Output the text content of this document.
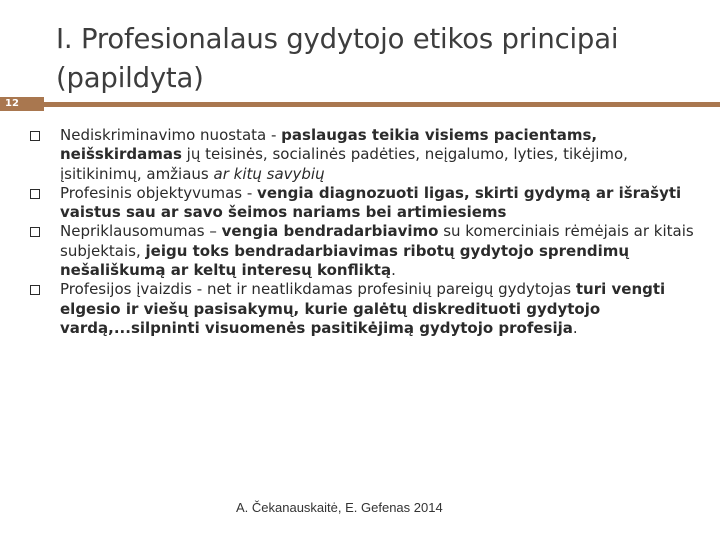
I. Profesionalaus gydytojo etikos principai
(papildyta)
12
Nediskriminavimo nuostata - paslaugas teikia visiems pacientams, neišskirdamas jų teisinės, socialinės padėties, neįgalumo, lyties, tikėjimo, įsitikinimų, amžiaus ar kitų savybių
Profesinis objektyvumas - vengia diagnozuoti ligas, skirti gydymą ar išrašyti vaistus sau ar savo šeimos nariams bei artimiesiems
Nepriklausomumas – vengia bendradarbiavimo su komerciniais rėmėjais ar kitais subjektais, jeigu toks bendradarbiavimas ribotų gydytojo sprendimų nešališkumą ar keltų interesų konfliktą.
Profesijos įvaizdis - net ir neatlikdamas profesinių pareigų gydytojas turi vengti elgesio ir viešų pasisakymų, kurie galėtų diskredituoti gydytojo vardą,...silpninti visuomenės pasitikėjimą gydytojo profesija.
A. Čekanauskaitė, E. Gefenas 2014
